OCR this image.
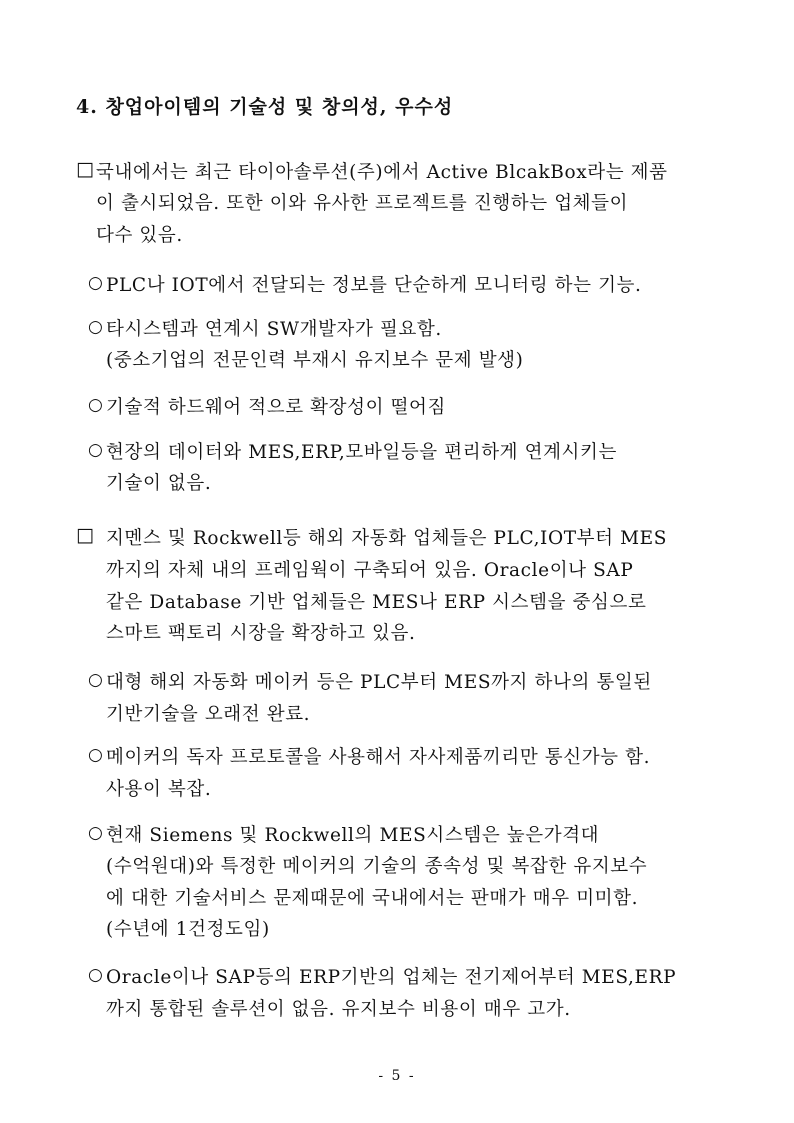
4. 창업아이템의 기술성 및 창의성, 우수성
□ 국내에서는 최근 타이아솔루션(주)에서 Active BlcakBox라는 제품
이 출시되었음. 또한 이와 유사한 프로젝트를 진행하는 업체들이
다수 있음.
○ PLC나 IOT에서 전달되는 정보를 단순하게 모니터링 하는 기능.
○ 타시스템과 연계시 SW개발자가 필요함.
(중소기업의 전문인력 부재시 유지보수 문제 발생)
○ 기술적 하드웨어 적으로 확장성이 떨어짐
○ 현장의 데이터와 MES,ERP,모바일등을 편리하게 연계시키는
기술이 없음.
□ 지멘스 및 Rockwell등 해외 자동화 업체들은 PLC,IOT부터 MES
까지의 자체 내의 프레임웍이 구축되어 있음. Oracle이나 SAP
같은 Database 기반 업체들은 MES나 ERP 시스템을 중심으로
스마트 팩토리 시장을 확장하고 있음.
○ 대형 해외 자동화 메이커 등은 PLC부터 MES까지 하나의 통일된
기반기술을 오래전 완료.
○ 메이커의 독자 프로토콜을 사용해서 자사제품끼리만 통신가능 함.
사용이 복잡.
○ 현재 Siemens 및 Rockwell의 MES시스템은 높은가격대
(수억원대)와 특정한 메이커의 기술의 종속성 및 복잡한 유지보수
에 대한 기술서비스 문제때문에 국내에서는 판매가 매우 미미함.
(수년에 1건정도임)
○ Oracle이나 SAP등의 ERP기반의 업체는 전기제어부터 MES,ERP
까지 통합된 솔루션이 없음. 유지보수 비용이 매우 고가.
- 5 -
